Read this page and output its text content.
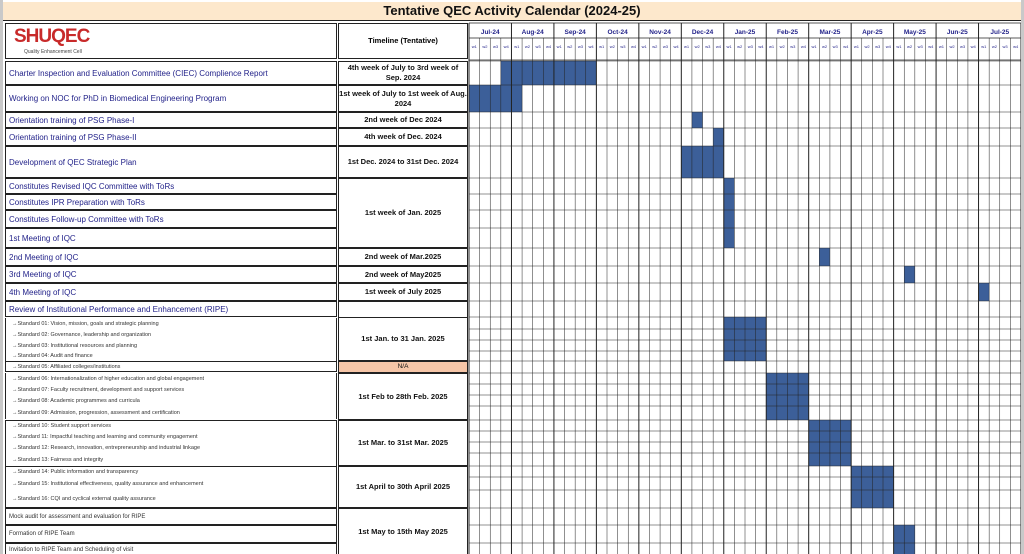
Tentative QEC Activity Calendar (2024-25)
SHUQEC
Quality Enhancement Cell
Timeline (Tentative)
Charter Inspection and Evaluation Committee (CIEC) Complience Report
Working on NOC for PhD in Biomedical Engineering Program
Orientation training of PSG Phase-I
Orientation training of PSG Phase-II
Development of QEC Strategic Plan
Constitutes Revised IQC Committee with ToRs
Constitutes IPR Preparation with ToRs
Constitutes Follow-up Committee with ToRs
1st Meeting of IQC
2nd Meeting of IQC
3rd Meeting of IQC
4th Meeting of IQC
Review of Institutional Performance and Enhancement (RIPE)
→Standard 01: Vision, mission, goals and strategic planning
→Standard 02: Governance, leadership and organization
→Standard 03: Institutional resources and planning
→Standard 04: Audit and finance
→Standard 05: Affiliated colleges/institutions
→Standard 06: Internationalization of higher education and global engagement
→Standard 07: Faculty recruitment, development and support services
→Standard 08: Academic programmes and curricula
→Standard 09: Admission, progression, assessment and certification
→Standard 10: Student support services
→Standard 11: Impactful teaching and learning and community engagement
→Standard 12: Research, innovation, entrepreneurship and industrial linkage
→Standard 13: Fairness and integrity
→Standard 14: Public information and transparency
→Standard 15: Institutional effectiveness, quality assurance and enhancement
→Standard 16: CQI and cyclical external quality assurance
Mock audit for assessment and evaluation for RIPE
Formation of RIPE Team
Invitation to RIPE Team and Scheduling of visit
4th week of July to 3rd week of Sep. 2024
1st week of July to 1st week of Aug. 2024
2nd week of Dec 2024
4th week of Dec. 2024
1st Dec. 2024 to 31st Dec. 2024
1st week of Jan. 2025
2nd week of Mar.2025
2nd week of May2025
1st week of July 2025
1st Jan. to 31 Jan. 2025
N/A
1st Feb to 28th Feb. 2025
1st Mar. to 31st Mar. 2025
1st April to 30th April 2025
1st May to 15th May 2025
Jul-24
w1 w2 w3 w4
Aug-24
w1 w2 w3 w4
Sep-24
w1 w2 w3 w4
Oct-24
w1 w2 w3 w4
Nov-24
w1 w2 w3 w4
Dec-24
w1 w2 w3 w4
Jan-25
w1 w2 w3 w4
Feb-25
w1 w2 w3 w4
Mar-25
w1 w2 w3 w4
Apr-25
w1 w2 w3 w4
May-25
w1 w2 w3 w4
Jun-25
w1 w2 w3 w4
Jul-25
w1 w2 w3 w4
